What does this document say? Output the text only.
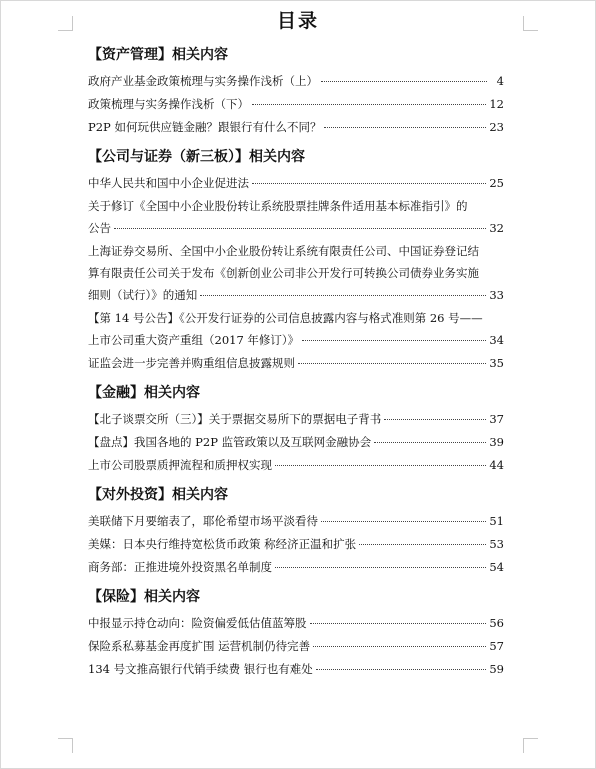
目录
【资产管理】相关内容
政府产业基金政策梳理与实务操作浅析（上）	4
政策梳理与实务操作浅析（下）	12
P2P 如何玩供应链金融？跟银行有什么不同？	23
【公司与证券（新三板）】相关内容
中华人民共和国中小企业促进法	25
关于修订《全国中小企业股份转让系统股票挂牌条件适用基本标准指引》的
公告	32
上海证券交易所、全国中小企业股份转让系统有限责任公司、中国证券登记结
算有限责任公司关于发布《创新创业公司非公开发行可转换公司债券业务实施
细则（试行）》的通知	33
【第 14 号公告】《公开发行证券的公司信息披露内容与格式准则第 26 号——
上市公司重大资产重组（2017 年修订）》	34
证监会进一步完善并购重组信息披露规则	35
【金融】相关内容
【北子谈票交所（三）】关于票据交易所下的票据电子背书	37
【盘点】我国各地的 P2P 监管政策以及互联网金融协会	39
上市公司股票质押流程和质押权实现	44
【对外投资】相关内容
美联储下月要缩表了，耶伦希望市场平淡看待	51
美媒：日本央行维持宽松货币政策 称经济正温和扩张	53
商务部：正推进境外投资黑名单制度	54
【保险】相关内容
中报显示持仓动向：险资偏爱低估值蓝筹股	56
保险系私募基金再度扩围 运营机制仍待完善	57
134 号文推高银行代销手续费 银行也有难处	59
